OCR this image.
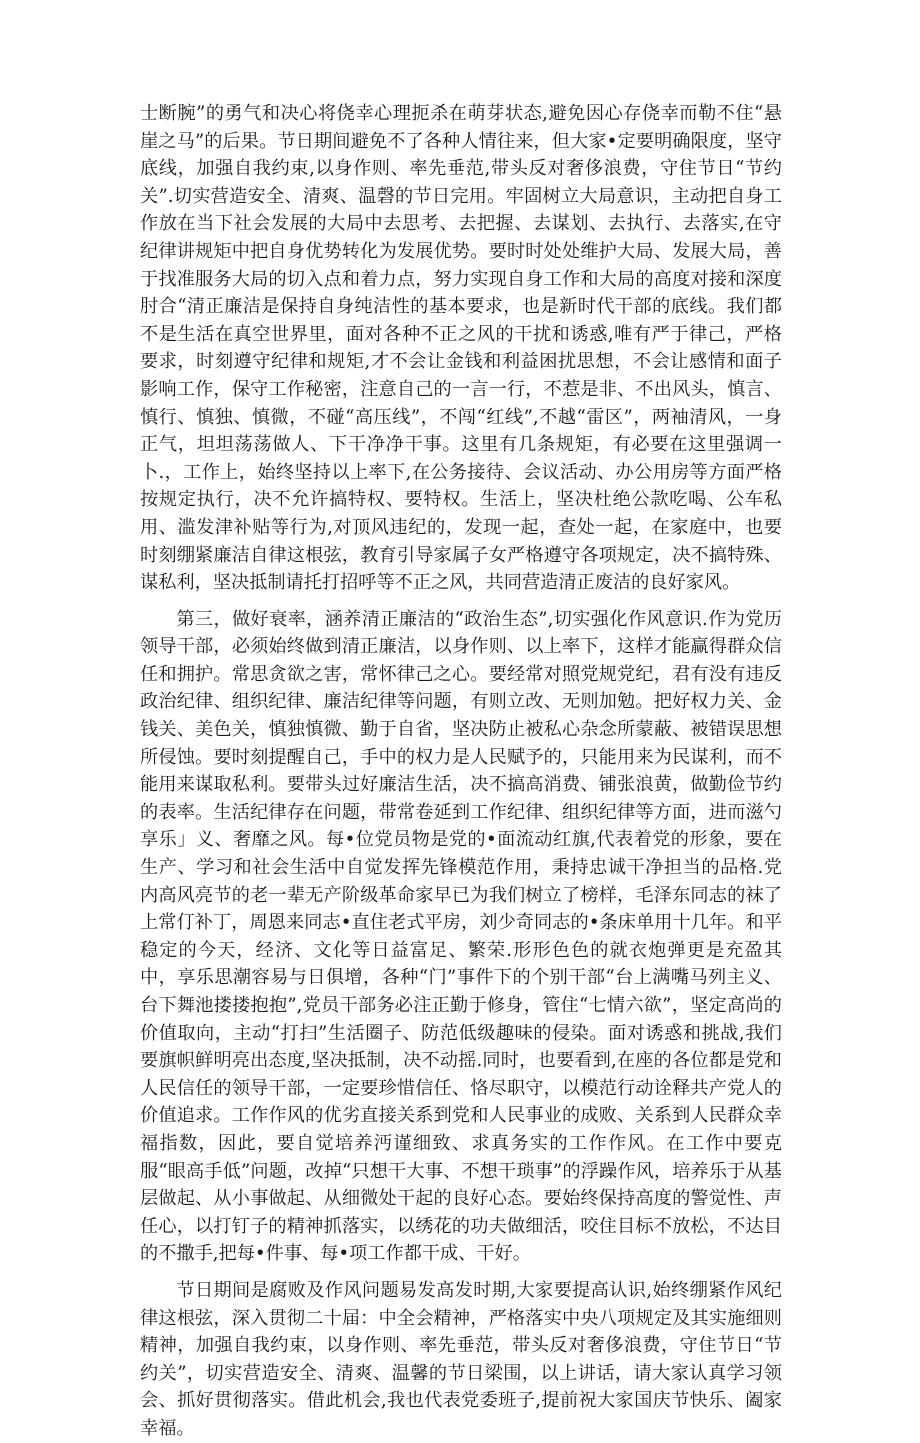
士断腕”的勇气和决心将侥幸心理扼杀在萌芽状态,避免因心存侥幸而勒不住“悬崖之马”的后果。节日期间避免不了各种人情往来，但大家•定要明确限度，坚守底线，加强自我约束,以身作则、率先垂范,带头反对奢侈浪费，守住节日“节约关”.切实营造安全、清爽、温磬的节日完用。牢固树立大局意识，主动把自身工作放在当下社会发展的大局中去思考、去把握、去谋划、去执行、去落实,在守纪律讲规矩中把自身优势转化为发展优势。要时时处处维护大局、发展大局，善于找准服务大局的切入点和着力点，努力实现自身工作和大局的高度对接和深度肘合“清正廉洁是保持自身纯洁性的基本要求，也是新时代干部的底线。我们都不是生活在真空世界里，面对各种不正之风的干扰和诱惑,唯有严于律己，严格要求，时刻遵守纪律和规矩,才不会让金钱和利益困扰思想，不会让感情和面子影响工作，保守工作秘密，注意自己的一言一行，不惹是非、不出风头，慎言、慎行、慎独、慎微，不碰“高压线”，不闯“红线”,不越“雷区”，两袖清风，一身正气，坦坦荡荡做人、下干净净干事。这里有几条规矩，有必要在这里强调一卜.，工作上，始终坚持以上率下,在公务接待、会议活动、办公用房等方面严格按规定执行，决不允许搞特权、要特权。生活上，坚决杜绝公款吃喝、公车私用、滥发津补贴等行为,对顶风违纪的，发现一起，查处一起，在家庭中，也要时刻绷紧廉洁自律这根弦，教育引导家属子女严格遵守各项规定，决不搞特殊、谋私利，坚决抵制请托打招呼等不正之风，共同营造清正废洁的良好家风。

第三，做好衰率，涵养清正廉洁的“政治生态”,切实强化作风意识.作为党历领导干部，必须始终做到清正廉洁，以身作则、以上率下，这样才能赢得群众信任和拥护。常思贪欲之害，常怀律己之心。要经常对照党规党纪，君有没有违反政治纪律、组织纪律、廉洁纪律等问题，有则立改、无则加勉。把好权力关、金钱关、美色关，慎独慎微、勤于自省，坚决防止被私心杂念所蒙蔽、被错误思想所侵蚀。要时刻提醒自己，手中的权力是人民赋予的，只能用来为民谋利，而不能用来谋取私利。要带头过好廉洁生活，决不搞高消费、铺张浪黄，做勤俭节约的表率。生活纪律存在问题，带常卷延到工作纪律、组织纪律等方面，进而滋勺享乐」义、奢靡之风。每•位党员物是党的•面流动红旗,代表着党的形象，要在生产、学习和社会生活中自觉发挥先锋模范作用，秉持忠诚干净担当的品格.党内高风亮节的老一辈无产阶级革命家早已为我们树立了榜样，毛泽东同志的袜了上常仃补丁，周恩来同志•直住老式平房，刘少奇同志的•条床单用十几年。和平稳定的今天，经济、文化等日益富足、繁荣.形形色色的就衣炮弹更是充盈其中，享乐思潮容易与日俱增，各种“门”事件下的个别干部“台上满嘴马列主义、台下舞池搂搂抱抱”,党员干部务必注正勤于修身，管住“七情六欲”，坚定高尚的价值取向，主动“打扫”生活圈子、防范低级趣味的侵染。面对诱惑和挑战,我们要旗帜鲜明亮出态度,坚决抵制，决不动摇.同时，也要看到,在座的各位都是党和人民信任的领导干部，一定要珍惜信任、恪尽职守，以模范行动诠释共产党人的价值追求。工作作风的优劣直接关系到党和人民事业的成败、关系到人民群众幸福指数，因此，要自觉培养沔谨细致、求真务实的工作作风。在工作中要克服“眼高手低”问题，改掉“只想干大事、不想干琐事”的浮躁作风，培养乐于从基层做起、从小事做起、从细微处干起的良好心态。要始终保持高度的警觉性、声任心，以打钉子的精神抓落实，以绣花的功夫做细活，咬住目标不放松，不达目的不撒手,把每•件事、每•项工作都干成、干好。

节日期间是腐败及作风问题易发高发时期,大家要提高认识,始终绷紧作风纪律这根弦，深入贯彻二十届：中全会精神，严格落实中央八项规定及其实施细则精神，加强自我约束，以身作则、率先垂范，带头反对奢侈浪费，守住节日“节约关”，切实营造安全、清爽、温馨的节日梁围，以上讲话，请大家认真学习领会、抓好贯彻落实。借此机会,我也代表党委班子,提前祝大家国庆节快乐、阖家幸福。
